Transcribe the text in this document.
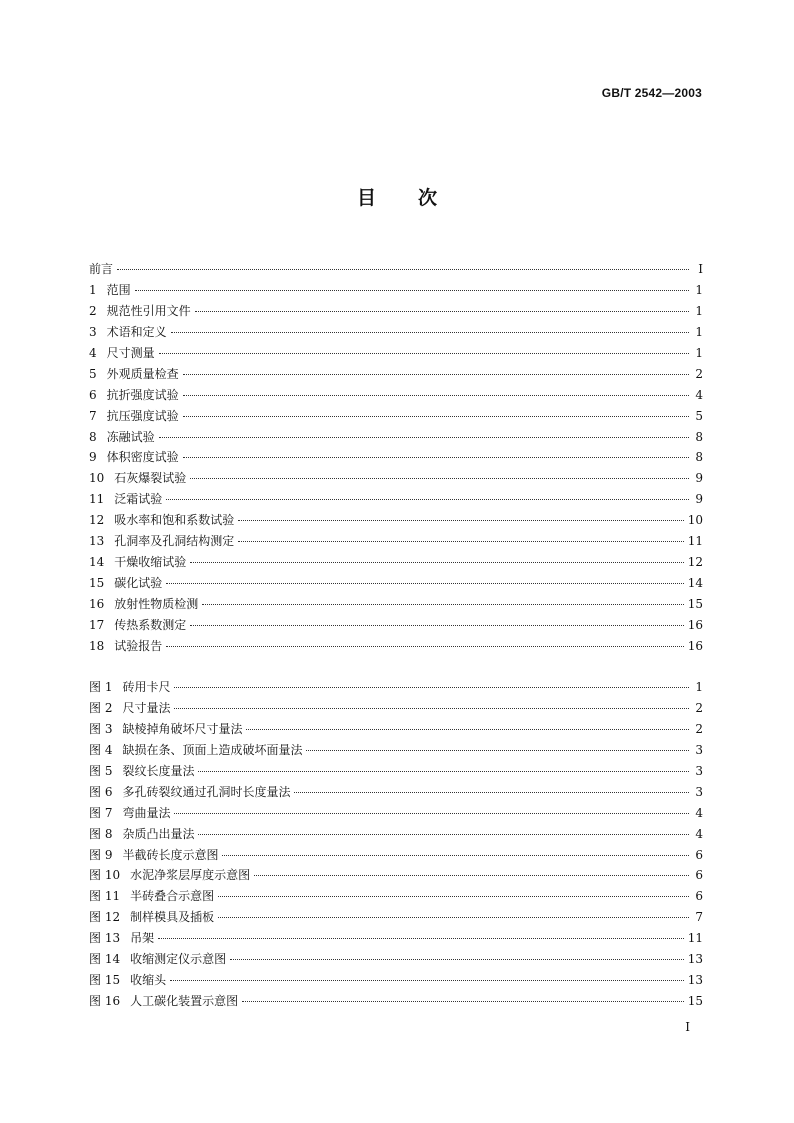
GB/T 2542—2003
目 次
前言	I
1 范围	1
2 规范性引用文件	1
3 术语和定义	1
4 尺寸测量	1
5 外观质量检查	2
6 抗折强度试验	4
7 抗压强度试验	5
8 冻融试验	8
9 体积密度试验	8
10 石灰爆裂试验	9
11 泛霜试验	9
12 吸水率和饱和系数试验	10
13 孔洞率及孔洞结构测定	11
14 干燥收缩试验	12
15 碳化试验	14
16 放射性物质检测	15
17 传热系数测定	16
18 试验报告	16
图 1 砖用卡尺	1
图 2 尺寸量法	2
图 3 缺棱掉角破坏尺寸量法	2
图 4 缺损在条、顶面上造成破坏面量法	3
图 5 裂纹长度量法	3
图 6 多孔砖裂纹通过孔洞时长度量法	3
图 7 弯曲量法	4
图 8 杂质凸出量法	4
图 9 半截砖长度示意图	6
图 10 水泥净浆层厚度示意图	6
图 11 半砖叠合示意图	6
图 12 制样模具及插板	7
图 13 吊架	11
图 14 收缩测定仪示意图	13
图 15 收缩头	13
图 16 人工碳化装置示意图	15
I
